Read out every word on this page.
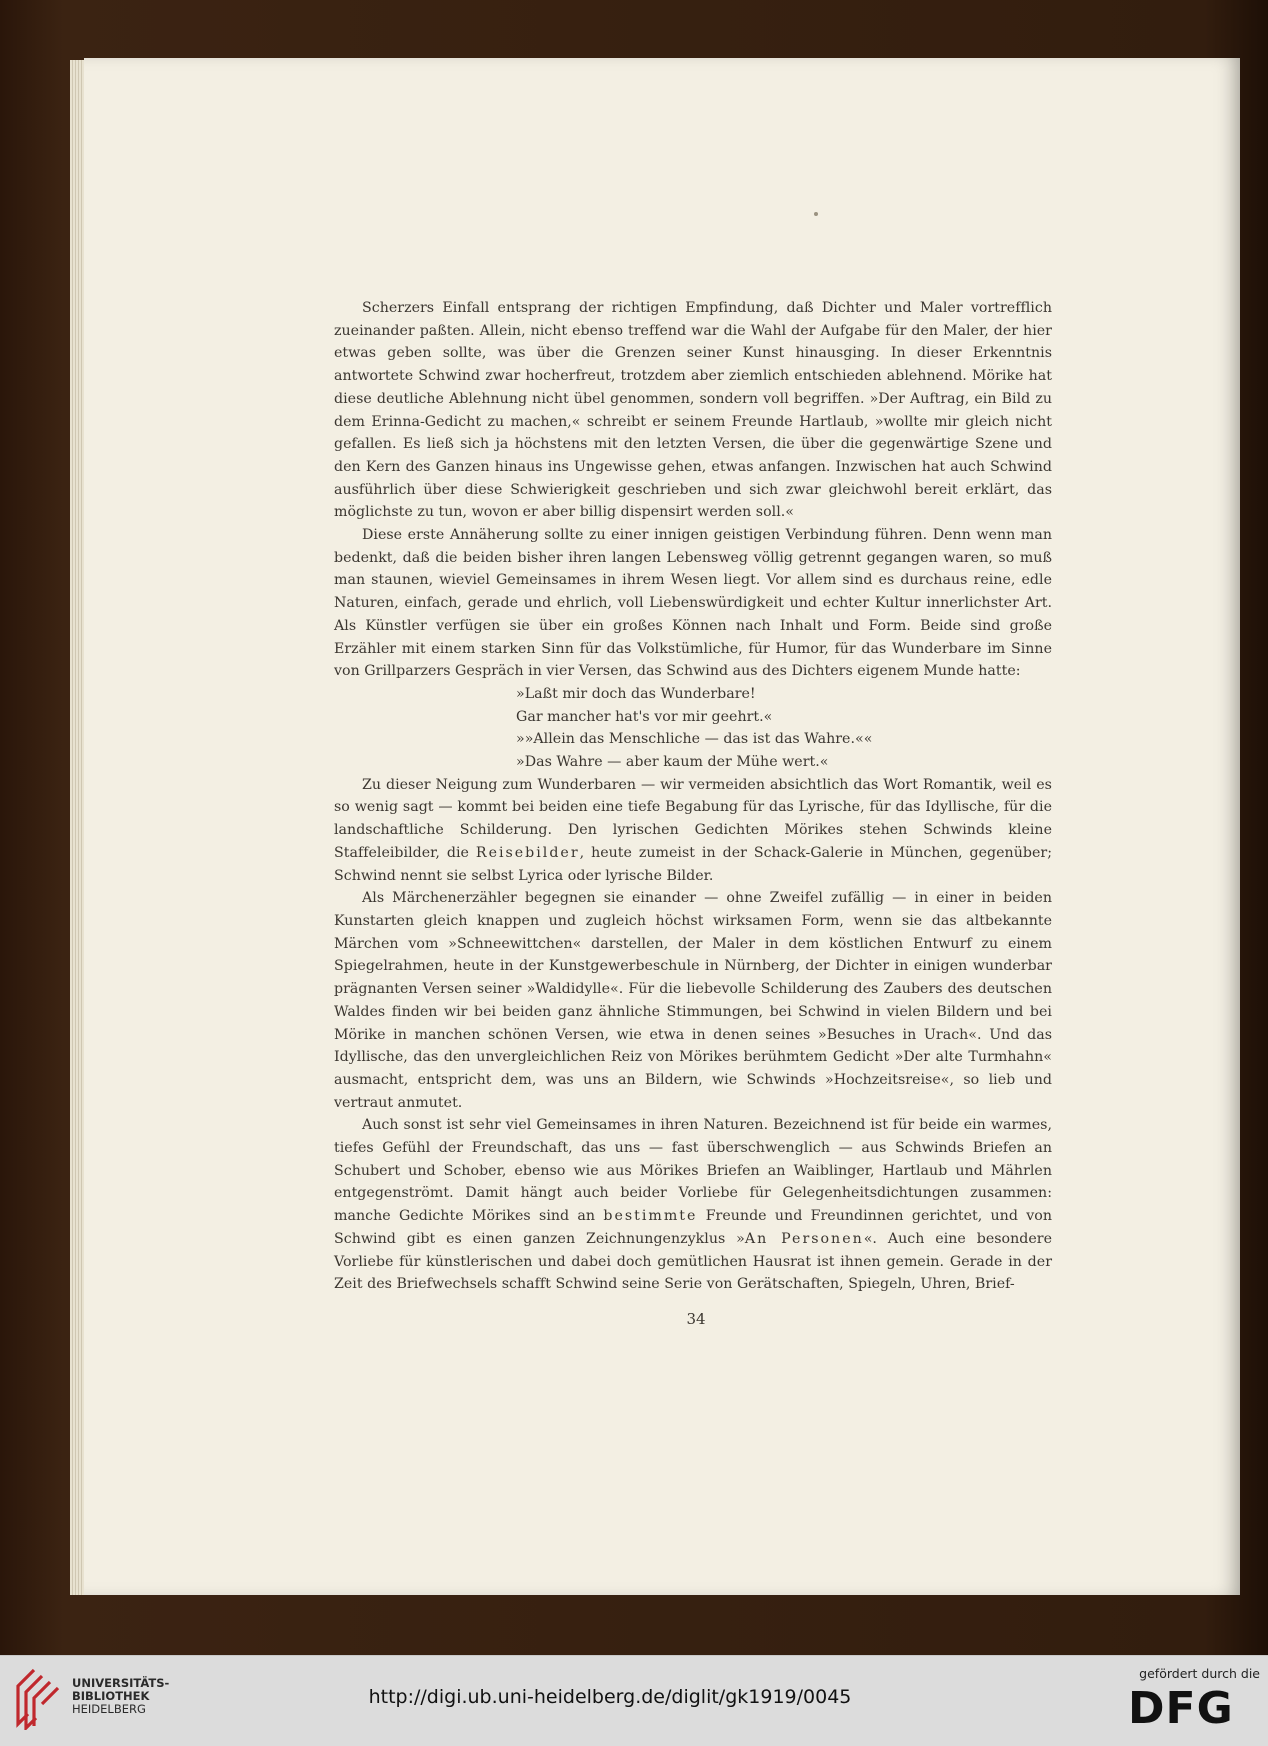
Scherzers Einfall entsprang der richtigen Empfindung, daß Dichter und Maler vortrefflich zueinander paßten. Allein, nicht ebenso treffend war die Wahl der Aufgabe für den Maler, der hier etwas geben sollte, was über die Grenzen seiner Kunst hinausging. In dieser Erkenntnis antwortete Schwind zwar hocherfreut, trotzdem aber ziemlich entschieden ablehnend. Mörike hat diese deutliche Ablehnung nicht übel genommen, sondern voll begriffen. »Der Auftrag, ein Bild zu dem Erinna-Gedicht zu machen,« schreibt er seinem Freunde Hartlaub, »wollte mir gleich nicht gefallen. Es ließ sich ja höchstens mit den letzten Versen, die über die gegenwärtige Szene und den Kern des Ganzen hinaus ins Ungewisse gehen, etwas anfangen. Inzwischen hat auch Schwind ausführlich über diese Schwierigkeit geschrieben und sich zwar gleichwohl bereit erklärt, das möglichste zu tun, wovon er aber billig dispensirt werden soll.«

Diese erste Annäherung sollte zu einer innigen geistigen Verbindung führen. Denn wenn man bedenkt, daß die beiden bisher ihren langen Lebensweg völlig getrennt gegangen waren, so muß man staunen, wieviel Gemeinsames in ihrem Wesen liegt. Vor allem sind es durchaus reine, edle Naturen, einfach, gerade und ehrlich, voll Liebenswürdigkeit und echter Kultur innerlichster Art. Als Künstler verfügen sie über ein großes Können nach Inhalt und Form. Beide sind große Erzähler mit einem starken Sinn für das Volkstümliche, für Humor, für das Wunderbare im Sinne von Grillparzers Gespräch in vier Versen, das Schwind aus des Dichters eigenem Munde hatte:

»Laßt mir doch das Wunderbare!
Gar mancher hat's vor mir geehrt.«
»»Allein das Menschliche — das ist das Wahre.««
»Das Wahre — aber kaum der Mühe wert.«

Zu dieser Neigung zum Wunderbaren — wir vermeiden absichtlich das Wort Romantik, weil es so wenig sagt — kommt bei beiden eine tiefe Begabung für das Lyrische, für das Idyllische, für die landschaftliche Schilderung. Den lyrischen Gedichten Mörikes stehen Schwinds kleine Staffeleibilder, die Reisebilder, heute zumeist in der Schack-Galerie in München, gegenüber; Schwind nennt sie selbst Lyrica oder lyrische Bilder.

Als Märchenerzähler begegnen sie einander — ohne Zweifel zufällig — in einer in beiden Kunstarten gleich knappen und zugleich höchst wirksamen Form, wenn sie das altbekannte Märchen vom »Schneewittchen« darstellen, der Maler in dem köstlichen Entwurf zu einem Spiegelrahmen, heute in der Kunstgewerbeschule in Nürnberg, der Dichter in einigen wunderbar prägnanten Versen seiner »Waldidylle«. Für die liebevolle Schilderung des Zaubers des deutschen Waldes finden wir bei beiden ganz ähnliche Stimmungen, bei Schwind in vielen Bildern und bei Mörike in manchen schönen Versen, wie etwa in denen seines »Besuches in Urach«. Und das Idyllische, das den unvergleichlichen Reiz von Mörikes berühmtem Gedicht »Der alte Turmhahn« ausmacht, entspricht dem, was uns an Bildern, wie Schwinds »Hochzeitsreise«, so lieb und vertraut anmutet.

Auch sonst ist sehr viel Gemeinsames in ihren Naturen. Bezeichnend ist für beide ein warmes, tiefes Gefühl der Freundschaft, das uns — fast überschwenglich — aus Schwinds Briefen an Schubert und Schober, ebenso wie aus Mörikes Briefen an Waiblinger, Hartlaub und Mährlen entgegenströmt. Damit hängt auch beider Vorliebe für Gelegenheitsdichtungen zusammen: manche Gedichte Mörikes sind an bestimmte Freunde und Freundinnen gerichtet, und von Schwind gibt es einen ganzen Zeichnungenzyklus »An Personen«. Auch eine besondere Vorliebe für künstlerischen und dabei doch gemütlichen Hausrat ist ihnen gemein. Gerade in der Zeit des Briefwechsels schafft Schwind seine Serie von Gerätschaften, Spiegeln, Uhren, Brief-

34
UNIVERSITÄTS-
BIBLIOTHEK
HEIDELBERG
http://digi.ub.uni-heidelberg.de/diglit/gk1919/0045
gefördert durch die
DFG
